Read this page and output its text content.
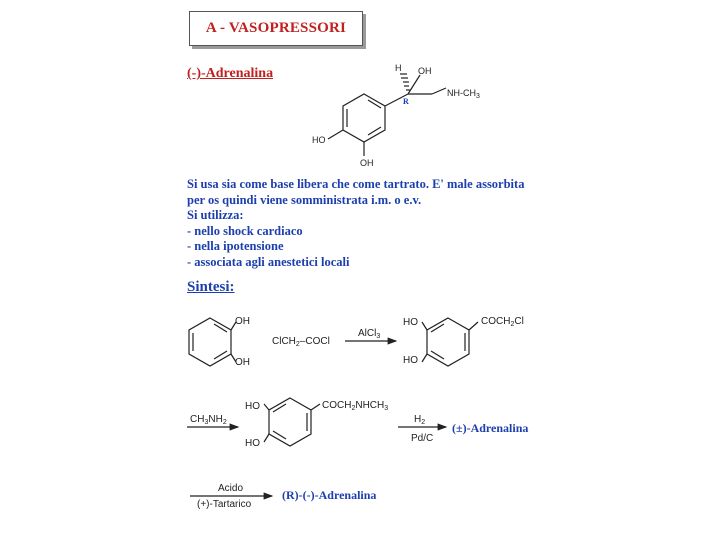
A - VASOPRESSORI
(-)-Adrenalina
Si usa sia come base libera che come tartrato. E' male assorbita
per os quindi viene somministrata i.m. o e.v.
Si utilizza:
- nello shock cardiaco
- nella ipotensione
- associata agli anestetici locali
Sintesi:
H OH
R
$NH-CH_3$
HO
OH
OH
OH
ClCH$_2$–COCl
AlCl$_3$
HO
HO
$COCH_2Cl$
$CH_3NH_2$
HO
HO
$COCH_2NHCH_3$
$H_2$
Pd/C
(±)-Adrenalina
Acido
(+)-Tartarico
(R)-(-)-Adrenalina
